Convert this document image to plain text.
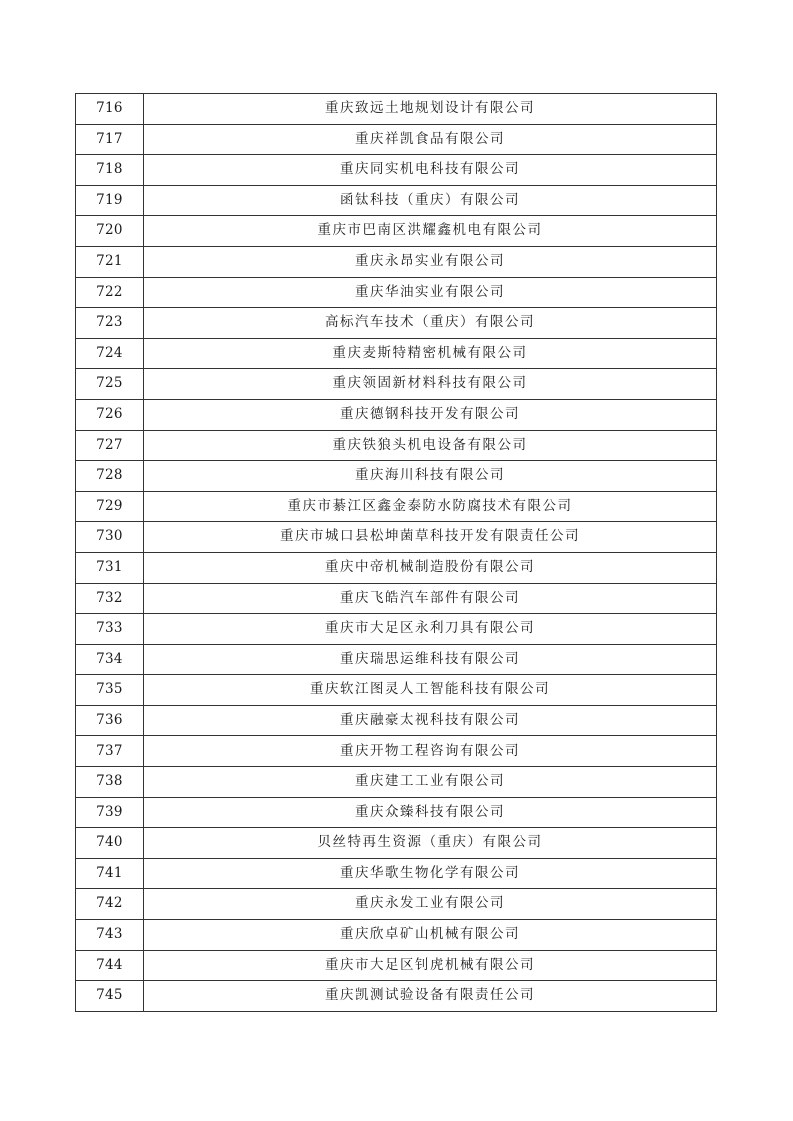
716	重庆致远土地规划设计有限公司
717	重庆祥凯食品有限公司
718	重庆同实机电科技有限公司
719	函钛科技（重庆）有限公司
720	重庆市巴南区洪耀鑫机电有限公司
721	重庆永昂实业有限公司
722	重庆华油实业有限公司
723	高标汽车技术（重庆）有限公司
724	重庆麦斯特精密机械有限公司
725	重庆领固新材料科技有限公司
726	重庆德钢科技开发有限公司
727	重庆铁狼头机电设备有限公司
728	重庆海川科技有限公司
729	重庆市綦江区鑫金泰防水防腐技术有限公司
730	重庆市城口县松坤菌草科技开发有限责任公司
731	重庆中帝机械制造股份有限公司
732	重庆飞皓汽车部件有限公司
733	重庆市大足区永利刀具有限公司
734	重庆瑞思运维科技有限公司
735	重庆软江图灵人工智能科技有限公司
736	重庆融豪太视科技有限公司
737	重庆开物工程咨询有限公司
738	重庆建工工业有限公司
739	重庆众臻科技有限公司
740	贝丝特再生资源（重庆）有限公司
741	重庆华歌生物化学有限公司
742	重庆永发工业有限公司
743	重庆欣卓矿山机械有限公司
744	重庆市大足区钊虎机械有限公司
745	重庆凯测试验设备有限责任公司
